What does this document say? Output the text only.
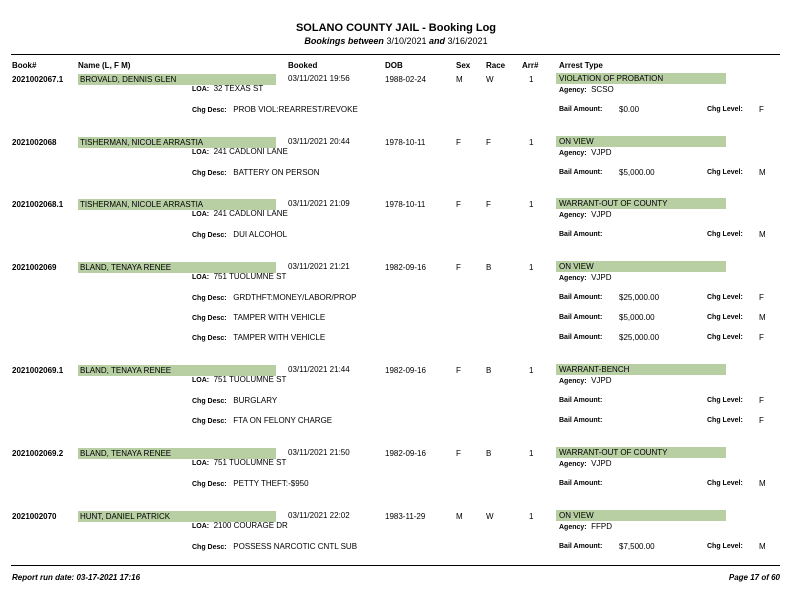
SOLANO COUNTY JAIL - Booking Log
Bookings between 3/10/2021 and 3/16/2021
Book#	Name (L, F M)	Booked	DOB	Sex Race Arr#	Arrest Type
2021002067.1 BROVALD, DENNIS GLEN	03/11/2021 19:56	1988-02-24	M	W	1	VIOLATION OF PROBATION
LOA: 32 TEXAS ST	Agency: SCSO
Chg Desc: PROB VIOL:REARREST/REVOKE	Bail Amount: $0.00	Chg Level: F
2021002068	TISHERMAN, NICOLE ARRASTIA	03/11/2021 20:44	1978-10-11	F	F	1	ON VIEW
LOA: 241 CADLONI LANE	Agency: VJPD
Chg Desc: BATTERY ON PERSON	Bail Amount: $5,000.00	Chg Level: M
2021002068.1 TISHERMAN, NICOLE ARRASTIA	03/11/2021 21:09	1978-10-11	F	F	1	WARRANT-OUT OF COUNTY
LOA: 241 CADLONI LANE	Agency: VJPD
Chg Desc: DUI ALCOHOL	Bail Amount:	Chg Level: M
2021002069	BLAND, TENAYA RENEE	03/11/2021 21:21	1982-09-16	F	B	1	ON VIEW
LOA: 751 TUOLUMNE ST	Agency: VJPD
Chg Desc: GRDTHFT:MONEY/LABOR/PROP	Bail Amount: $25,000.00	Chg Level: F
Chg Desc: TAMPER WITH VEHICLE	Bail Amount: $5,000.00	Chg Level: M
Chg Desc: TAMPER WITH VEHICLE	Bail Amount: $25,000.00	Chg Level: F
2021002069.1 BLAND, TENAYA RENEE	03/11/2021 21:44	1982-09-16	F	B	1	WARRANT-BENCH
LOA: 751 TUOLUMNE ST	Agency: VJPD
Chg Desc: BURGLARY	Bail Amount:	Chg Level: F
Chg Desc: FTA ON FELONY CHARGE	Bail Amount:	Chg Level: F
2021002069.2 BLAND, TENAYA RENEE	03/11/2021 21:50	1982-09-16	F	B	1	WARRANT-OUT OF COUNTY
LOA: 751 TUOLUMNE ST	Agency: VJPD
Chg Desc: PETTY THEFT:-$950	Bail Amount:	Chg Level: M
2021002070	HUNT, DANIEL PATRICK	03/11/2021 22:02	1983-11-29	M	W	1	ON VIEW
LOA: 2100 COURAGE DR	Agency: FFPD
Chg Desc: POSSESS NARCOTIC CNTL SUB	Bail Amount: $7,500.00	Chg Level: M
Report run date: 03-17-2021 17:16	Page 17 of 60
